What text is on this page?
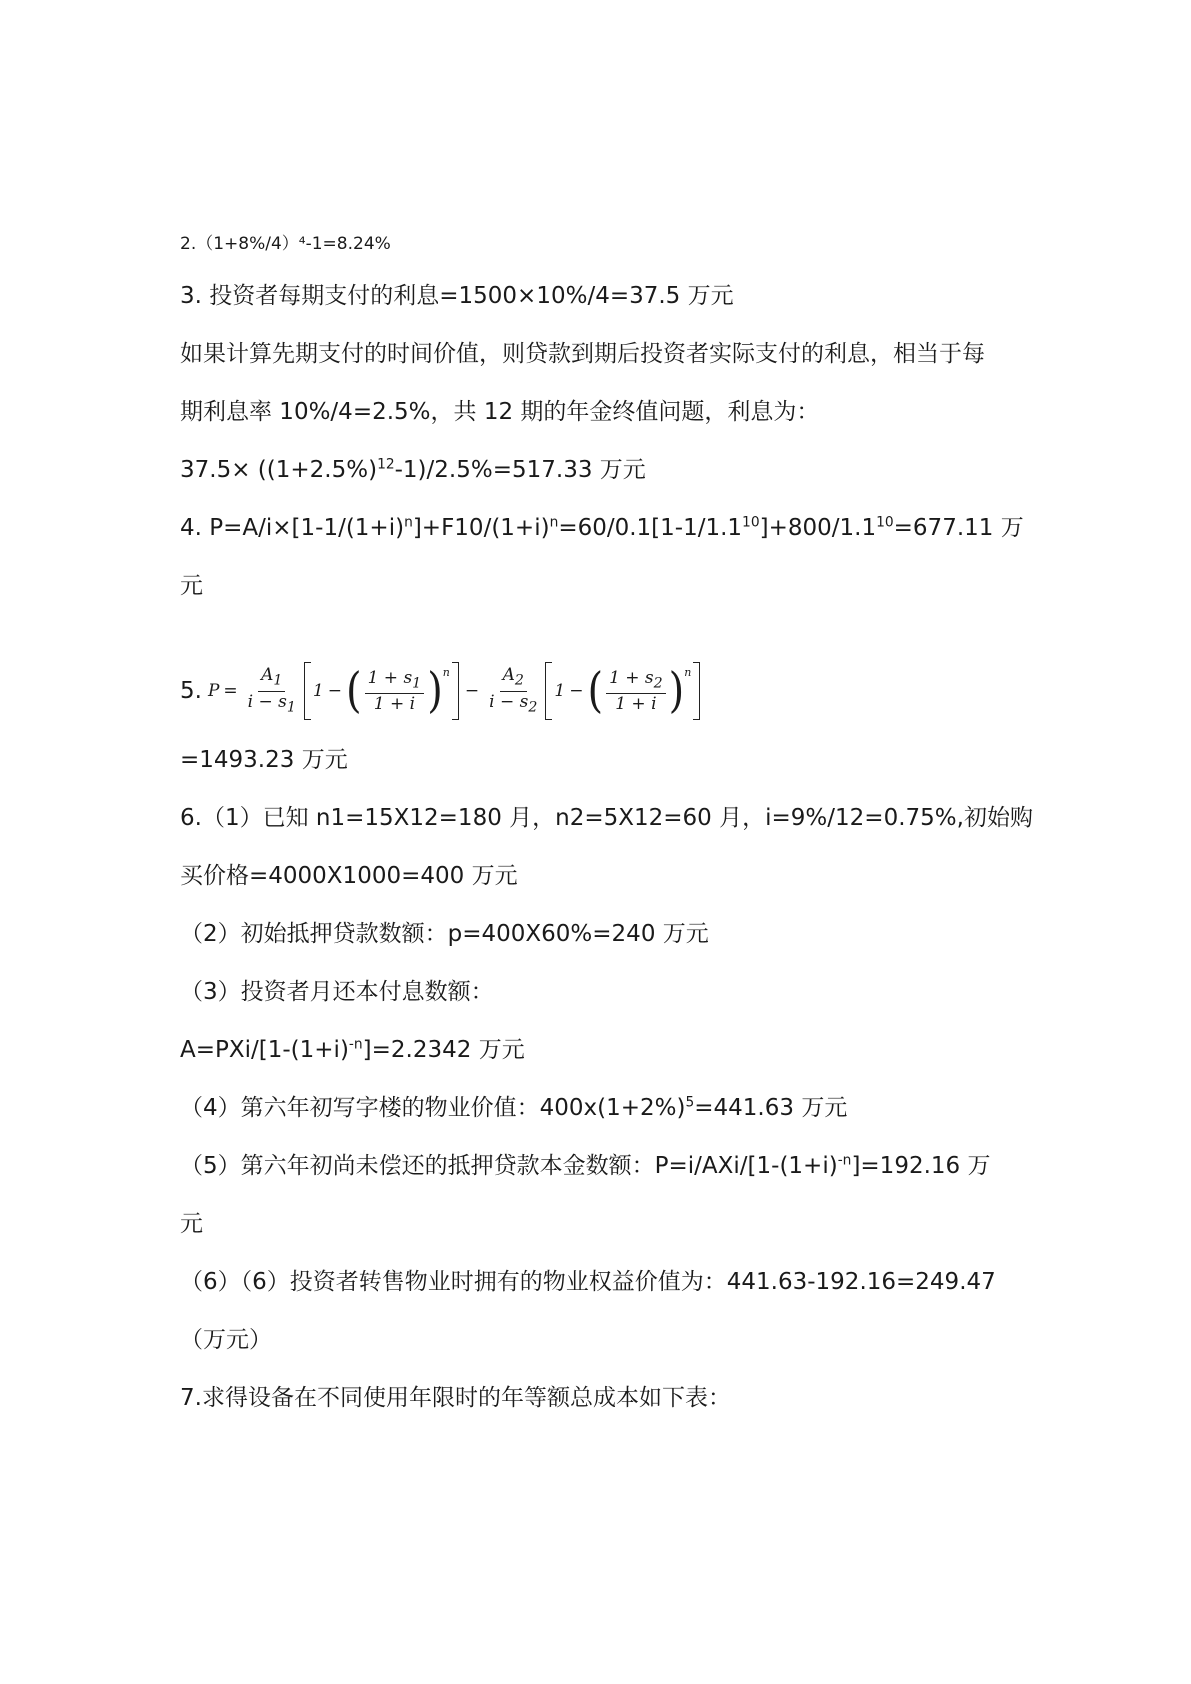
2.（1+8%/4）⁴-1=8.24%
3. 投资者每期支付的利息=1500×10%/4=37.5 万元
如果计算先期支付的时间价值，则贷款到期后投资者实际支付的利息，相当于每
期利息率 10%/4=2.5%，共 12 期的年金终值问题，利息为：
$37.5\times ((1+2.5\%)^{12}-1)/2.5\%=517.33$ 万元
4. $P=A/i\times[1-1/(1+i)^n]+F10/(1+i)^n=60/0.1[1-1/1.1^{10}]+800/1.1^{10}=677.11$ 万
元
5. $P = \frac{A_1}{i - s_1} 1$ − ( $\frac{1 + s_1}{1 + i}$ ) n
− $\frac{A_2}{i - s_2} 1$ − ( $\frac{1 + s_2}{1 + i}$ ) n
=1493.23 万元
6.（1）已知 n1=15X12=180 月，n2=5X12=60 月，i=9%/12=0.75%,初始购
买价格=4000X1000=400 万元
（2）初始抵押贷款数额：p=400X60%=240 万元
（3）投资者月还本付息数额：
$A=PXi/[1-(1+i)^{-n}]=2.2342$ 万元
（4）第六年初写字楼的物业价值：$400x(1+2\%)^5=441.63$ 万元
（5）第六年初尚未偿还的抵押贷款本金数额：$P=i/AXi/[1-(1+i)^{-n}]=192.16$ 万
元
（6）（6）投资者转售物业时拥有的物业权益价值为：441.63-192.16=249.47
（万元）
7.求得设备在不同使用年限时的年等额总成本如下表：
